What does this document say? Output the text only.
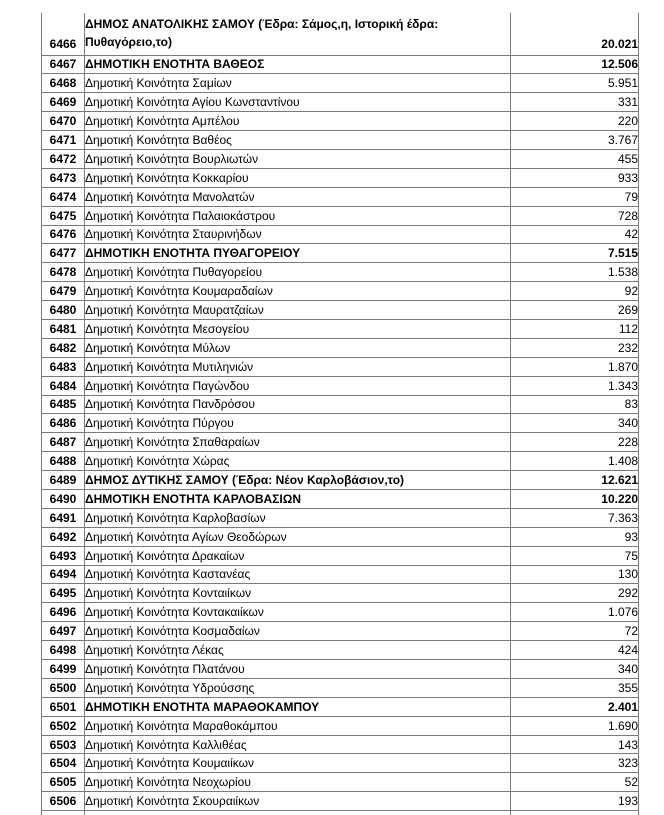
6466	ΔΗΜΟΣ ΑΝΑΤΟΛΙΚΗΣ ΣΑΜΟΥ (Έδρα: Σάμος,η, Ιστορική έδρα: Πυθαγόρειο,το)	20.021
6467	ΔΗΜΟΤΙΚΗ ΕΝΟΤΗΤΑ ΒΑΘΕΟΣ	12.506
6468	Δημοτική Κοινότητα Σαμίων	5.951
6469	Δημοτική Κοινότητα Αγίου Κωνσταντίνου	331
6470	Δημοτική Κοινότητα Αμπέλου	220
6471	Δημοτική Κοινότητα Βαθέος	3.767
6472	Δημοτική Κοινότητα Βουρλιωτών	455
6473	Δημοτική Κοινότητα Κοκκαρίου	933
6474	Δημοτική Κοινότητα Μανολατών	79
6475	Δημοτική Κοινότητα Παλαιοκάστρου	728
6476	Δημοτική Κοινότητα Σταυρινήδων	42
6477	ΔΗΜΟΤΙΚΗ ΕΝΟΤΗΤΑ ΠΥΘΑΓΟΡΕΙΟΥ	7.515
6478	Δημοτική Κοινότητα Πυθαγορείου	1.538
6479	Δημοτική Κοινότητα Κουμαραδαίων	92
6480	Δημοτική Κοινότητα Μαυρατζαίων	269
6481	Δημοτική Κοινότητα Μεσογείου	112
6482	Δημοτική Κοινότητα Μύλων	232
6483	Δημοτική Κοινότητα Μυτιληνιών	1.870
6484	Δημοτική Κοινότητα Παγώνδου	1.343
6485	Δημοτική Κοινότητα Πανδρόσου	83
6486	Δημοτική Κοινότητα Πύργου	340
6487	Δημοτική Κοινότητα Σπαθαραίων	228
6488	Δημοτική Κοινότητα Χώρας	1.408
6489	ΔΗΜΟΣ ΔΥΤΙΚΗΣ ΣΑΜΟΥ (Έδρα: Νέον Καρλοβάσιον,το)	12.621
6490	ΔΗΜΟΤΙΚΗ ΕΝΟΤΗΤΑ ΚΑΡΛΟΒΑΣΙΩΝ	10.220
6491	Δημοτική Κοινότητα Καρλοβασίων	7.363
6492	Δημοτική Κοινότητα Αγίων Θεοδώρων	93
6493	Δημοτική Κοινότητα Δρακαίων	75
6494	Δημοτική Κοινότητα Καστανέας	130
6495	Δημοτική Κοινότητα Κονταιίκων	292
6496	Δημοτική Κοινότητα Κοντακαιίκων	1.076
6497	Δημοτική Κοινότητα Κοσμαδαίων	72
6498	Δημοτική Κοινότητα Λέκας	424
6499	Δημοτική Κοινότητα Πλατάνου	340
6500	Δημοτική Κοινότητα Υδρούσσης	355
6501	ΔΗΜΟΤΙΚΗ ΕΝΟΤΗΤΑ ΜΑΡΑΘΟΚΑΜΠΟΥ	2.401
6502	Δημοτική Κοινότητα Μαραθοκάμπου	1.690
6503	Δημοτική Κοινότητα Καλλιθέας	143
6504	Δημοτική Κοινότητα Κουμαιίκων	323
6505	Δημοτική Κοινότητα Νεοχωρίου	52
6506	Δημοτική Κοινότητα Σκουραιίκων	193
